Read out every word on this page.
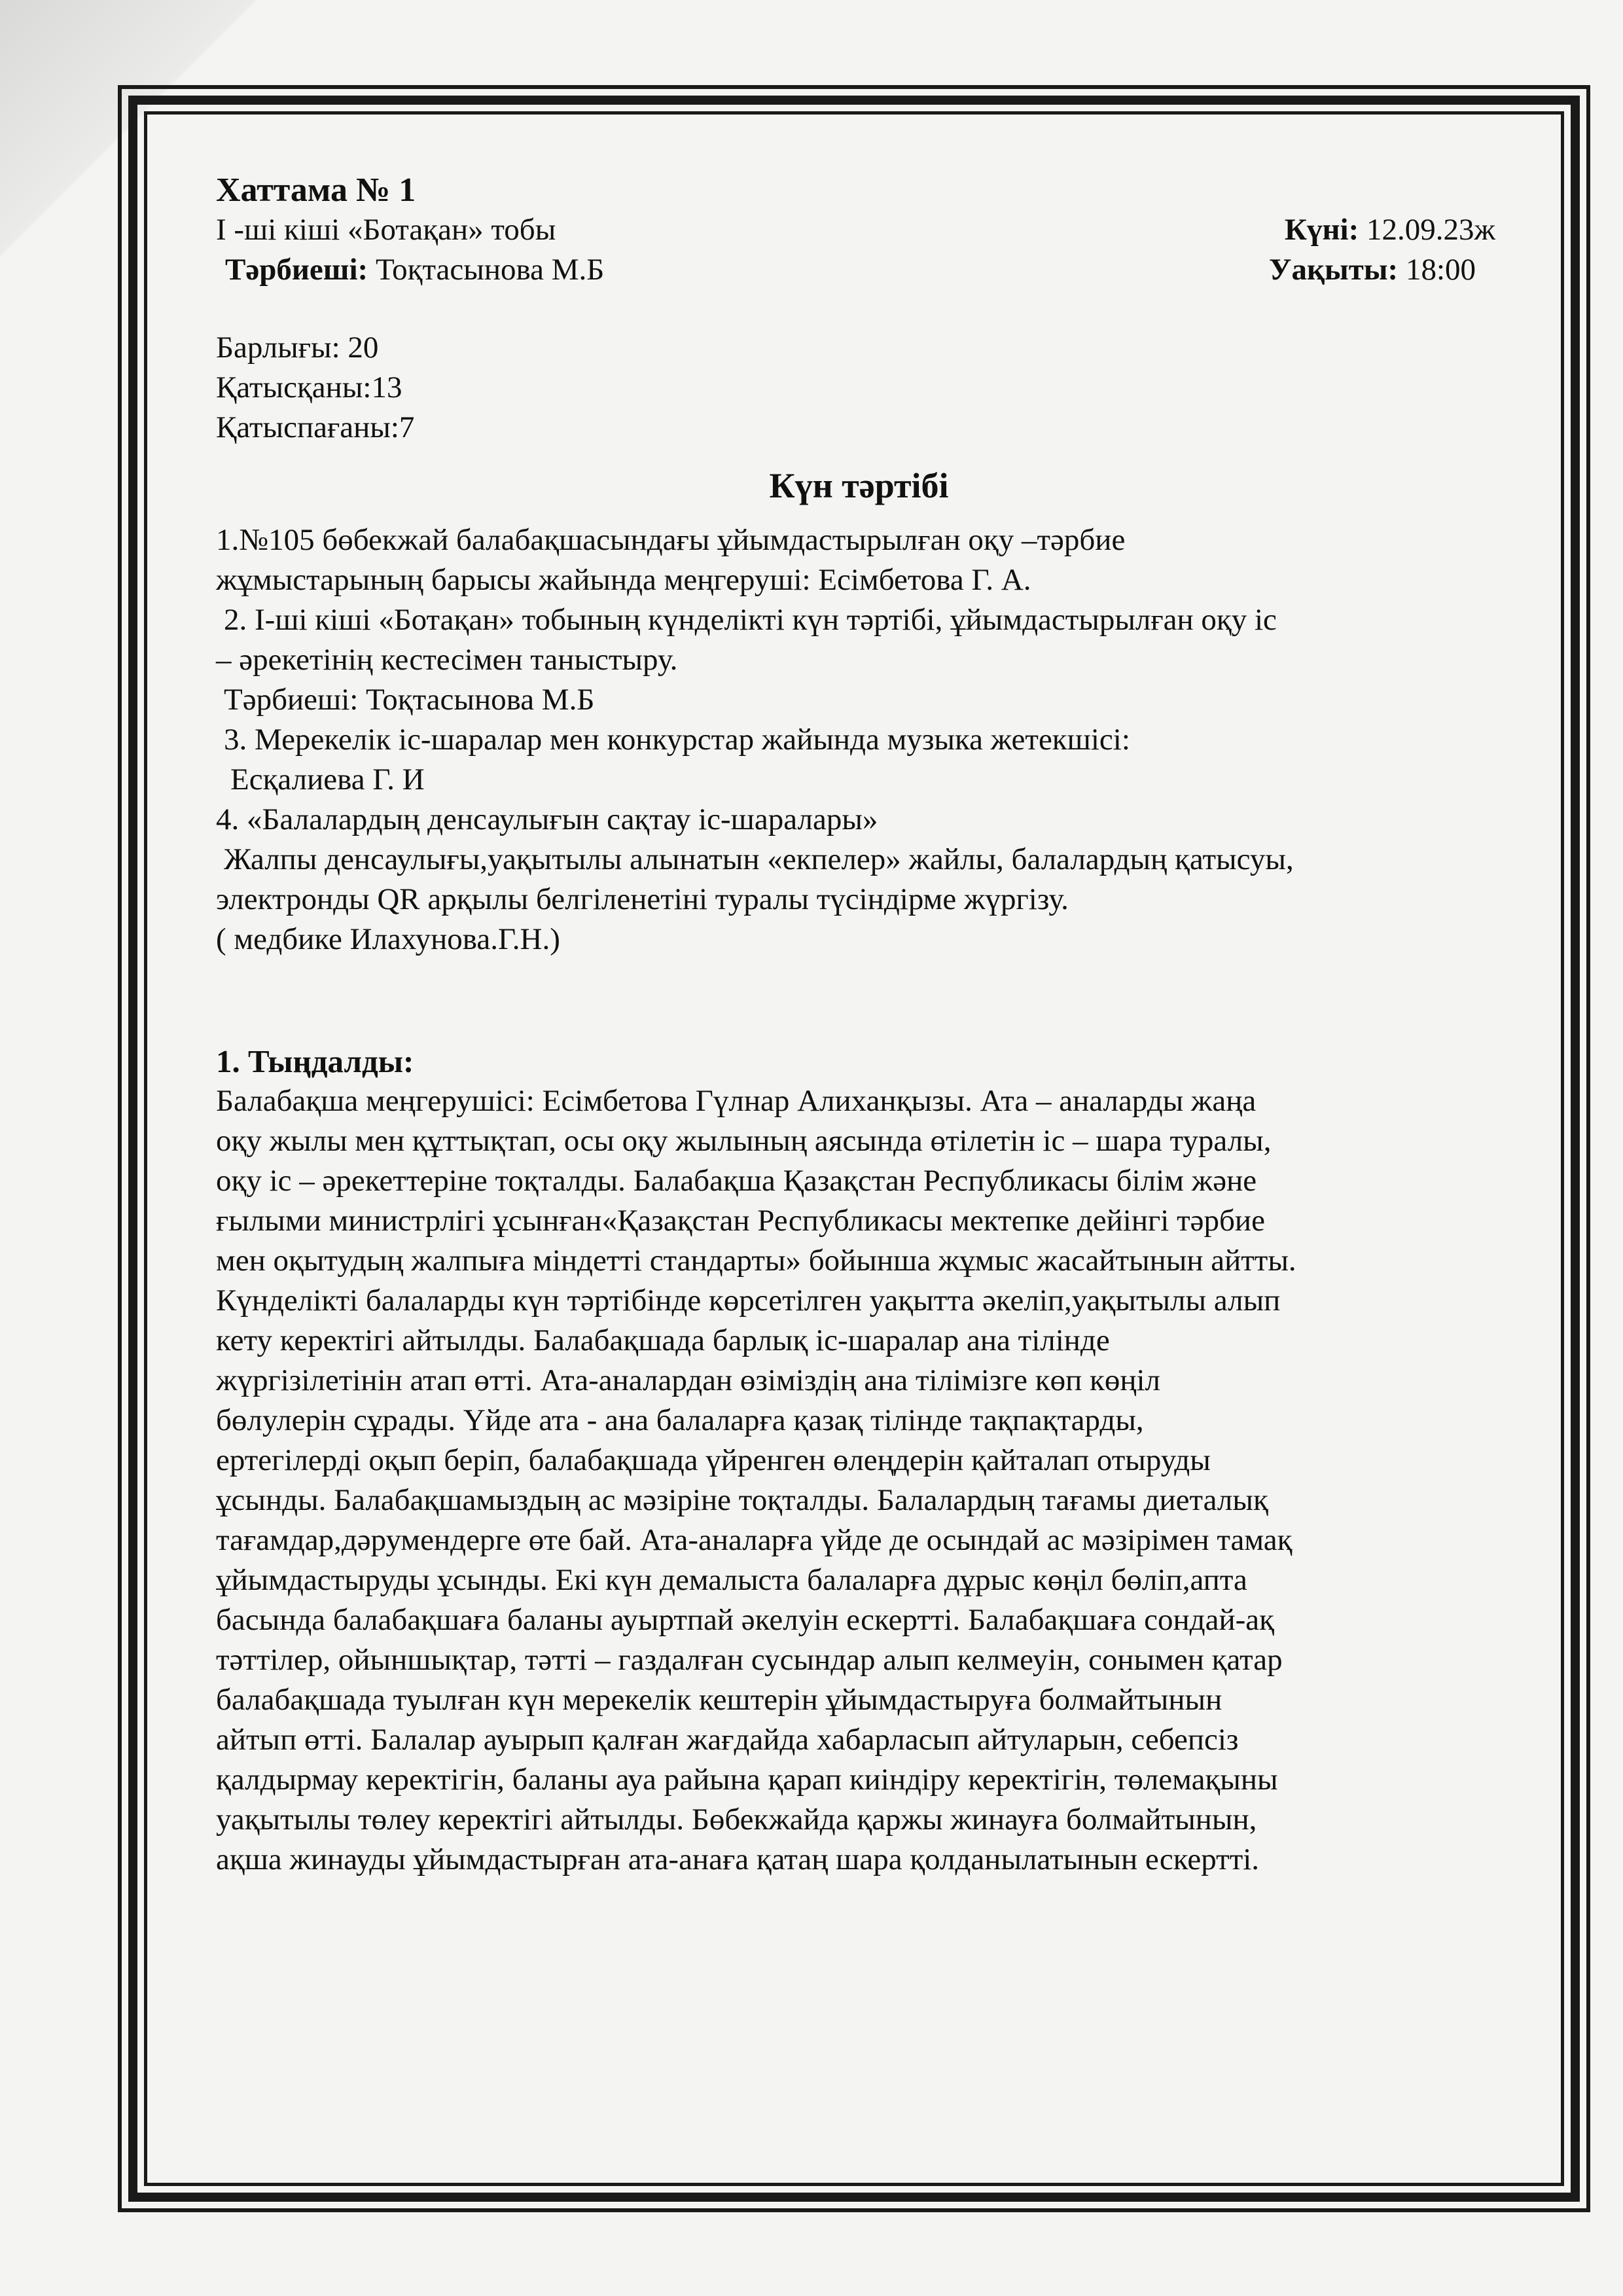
Хаттама № 1
І -ші кіші «Ботақан» тобы	Күні: 12.09.23ж
Тәрбиеші: Тоқтасынова М.Б	Уақыты: 18:00
Барлығы: 20
Қатысқаны:13
Қатыспағаны:7
Күн тәртібі
1.№105 бөбекжай балабақшасындағы ұйымдастырылған оқу –тәрбие
жұмыстарының барысы жайында меңгеруші: Есімбетова Г. А.
2. І-ші кіші «Ботақан» тобының күнделікті күн тәртібі, ұйымдастырылған оқу іс
– әрекетінің кестесімен таныстыру.
Тәрбиеші: Тоқтасынова М.Б
3. Мерекелік іс-шаралар мен конкурстар жайында музыка жетекшісі:
Есқалиева Г. И
4. «Балалардың денсаулығын сақтау іс-шаралары»
Жалпы денсаулығы,уақытылы алынатын «екпелер» жайлы, балалардың қатысуы,
электронды QR арқылы белгіленетіні туралы түсіндірме жүргізу.
( медбике Илахунова.Г.Н.)
1. Тыңдалды:
Балабақша меңгерушісі: Есімбетова Гүлнар Алиханқызы. Ата – аналарды жаңа
оқу жылы мен құттықтап, осы оқу жылының аясында өтілетін іс – шара туралы,
оқу іс – әрекеттеріне тоқталды. Балабақша Қазақстан Республикасы білім және
ғылыми министрлігі ұсынған«Қазақстан Республикасы мектепке дейінгі тәрбие
мен оқытудың жалпыға міндетті стандарты» бойынша жұмыс жасайтынын айтты.
Күнделікті балаларды күн тәртібінде көрсетілген уақытта әкеліп,уақытылы алып
кету керектігі айтылды. Балабақшада барлық іс-шаралар ана тілінде
жүргізілетінін атап өтті. Ата-аналардан өзіміздің ана тілімізге көп көңіл
бөлулерін сұрады. Үйде ата - ана балаларға қазақ тілінде тақпақтарды,
ертегілерді оқып беріп, балабақшада үйренген өлеңдерін қайталап отыруды
ұсынды. Балабақшамыздың ас мәзіріне тоқталды. Балалардың тағамы диеталық
тағамдар,дәрумендерге өте бай. Ата-аналарға үйде де осындай ас мәзірімен тамақ
ұйымдастыруды ұсынды. Екі күн демалыста балаларға дұрыс көңіл бөліп,апта
басында балабақшаға баланы ауыртпай әкелуін ескертті. Балабақшаға сондай-ақ
тәттілер, ойыншықтар, тәтті – газдалған сусындар алып келмеуін, сонымен қатар
балабақшада туылған күн мерекелік кештерін ұйымдастыруға болмайтынын
айтып өтті. Балалар ауырып қалған жағдайда хабарласып айтуларын, себепсіз
қалдырмау керектігін, баланы ауа райына қарап киіндіру керектігін, төлемақыны
уақытылы төлеу керектігі айтылды. Бөбекжайда қаржы жинауға болмайтынын,
ақша жинауды ұйымдастырған ата-анаға қатаң шара қолданылатынын ескертті.
